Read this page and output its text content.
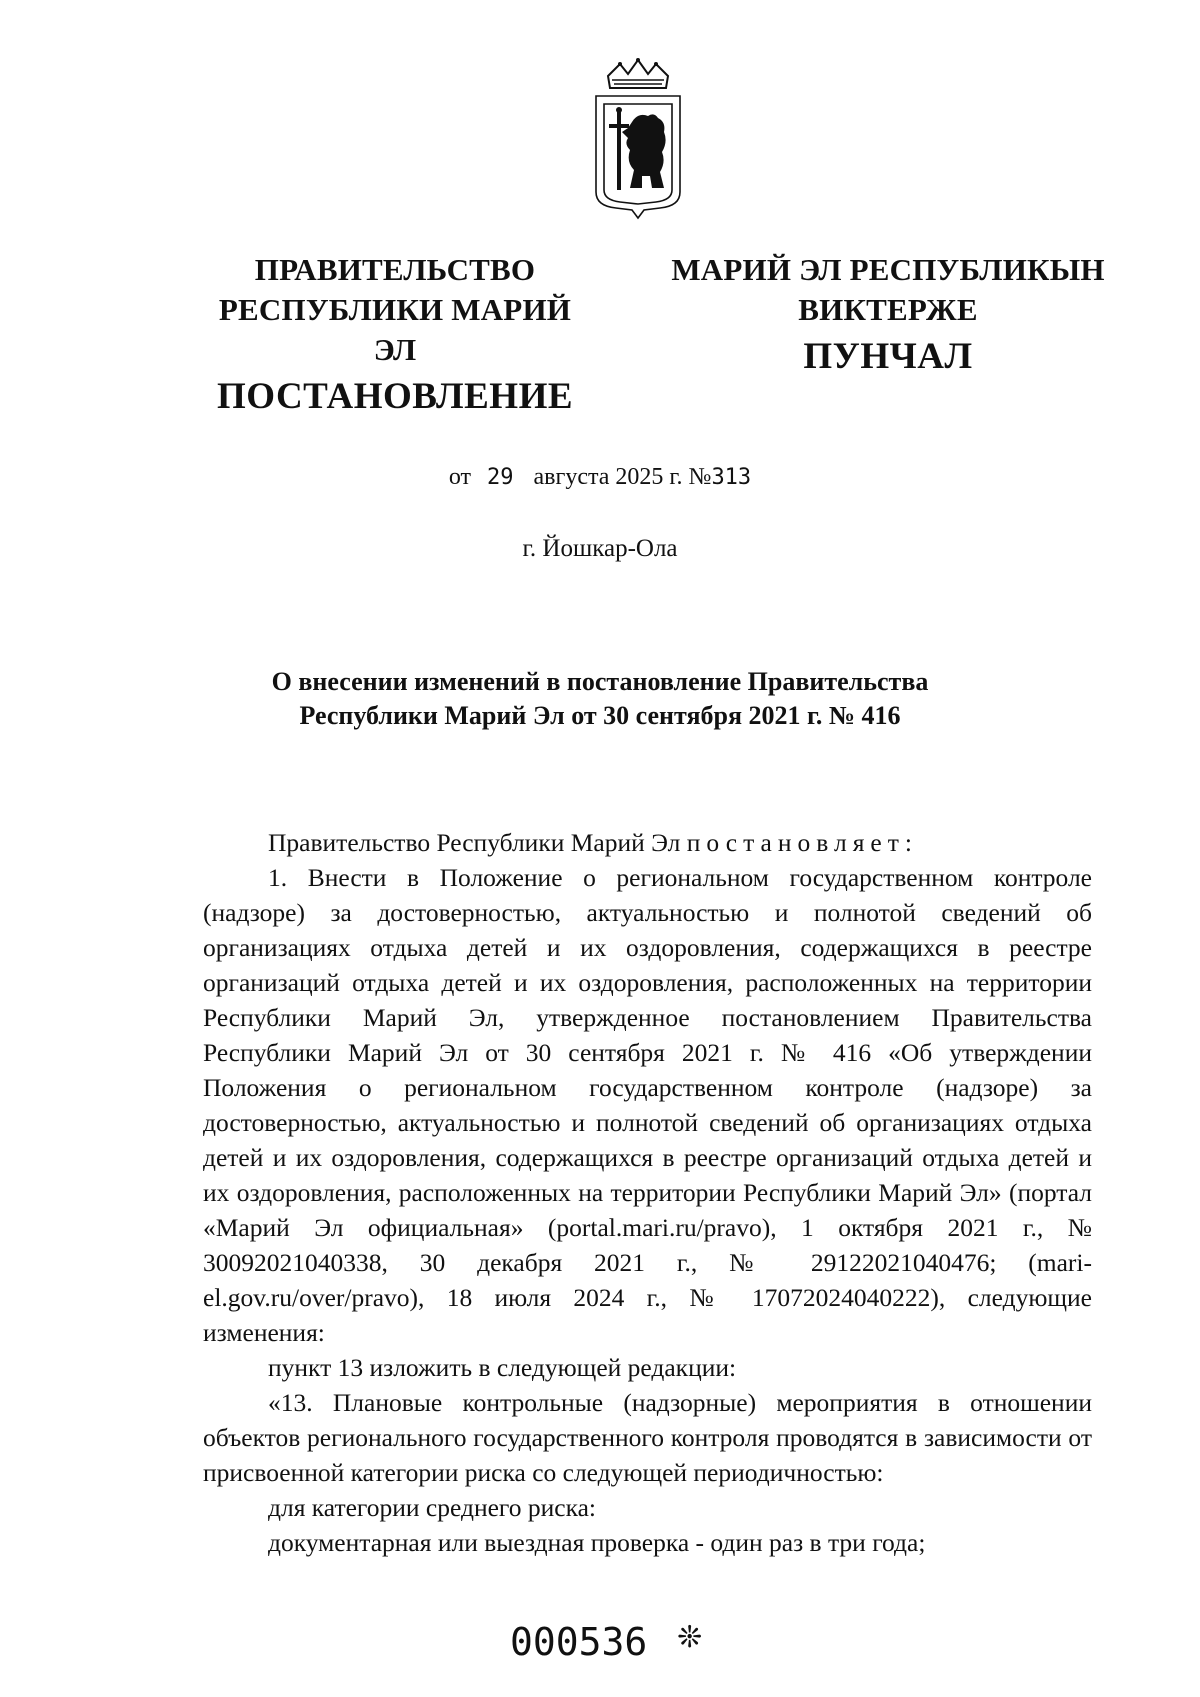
ПРАВИТЕЛЬСТВО
РЕСПУБЛИКИ МАРИЙ ЭЛ
ПОСТАНОВЛЕНИЕ
МАРИЙ ЭЛ РЕСПУБЛИКЫН
ВИКТЕРЖЕ
ПУНЧАЛ
от 29 августа 2025 г. №313
г. Йошкар-Ола
О внесении изменений в постановление Правительства
Республики Марий Эл от 30 сентября 2021 г. № 416

Правительство Республики Марий Эл постановляет:

1. Внести в Положение о региональном государственном контроле (надзоре) за достоверностью, актуальностью и полнотой сведений об организациях отдыха детей и их оздоровления, содержащихся в реестре организаций отдыха детей и их оздоровления, расположенных на территории Республики Марий Эл, утвержденное постановлением Правительства Республики Марий Эл от 30 сентября 2021 г. № 416 «Об утверждении Положения о региональном государственном контроле (надзоре) за достоверностью, актуальностью и полнотой сведений об организациях отдыха детей и их оздоровления, содержащихся в реестре организаций отдыха детей и их оздоровления, расположенных на территории Республики Марий Эл» (портал «Марий Эл официальная» (portal.mari.ru/pravo), 1 октября 2021 г., № 30092021040338, 30 декабря 2021 г., № 29122021040476; (mari-el.gov.ru/over/pravo), 18 июля 2024 г., № 17072024040222), следующие изменения:

пункт 13 изложить в следующей редакции:

«13. Плановые контрольные (надзорные) мероприятия в отношении объектов регионального государственного контроля проводятся в зависимости от присвоенной категории риска со следующей периодичностью:

для категории среднего риска:

документарная или выездная проверка - один раз в три года;

000536 ❊
